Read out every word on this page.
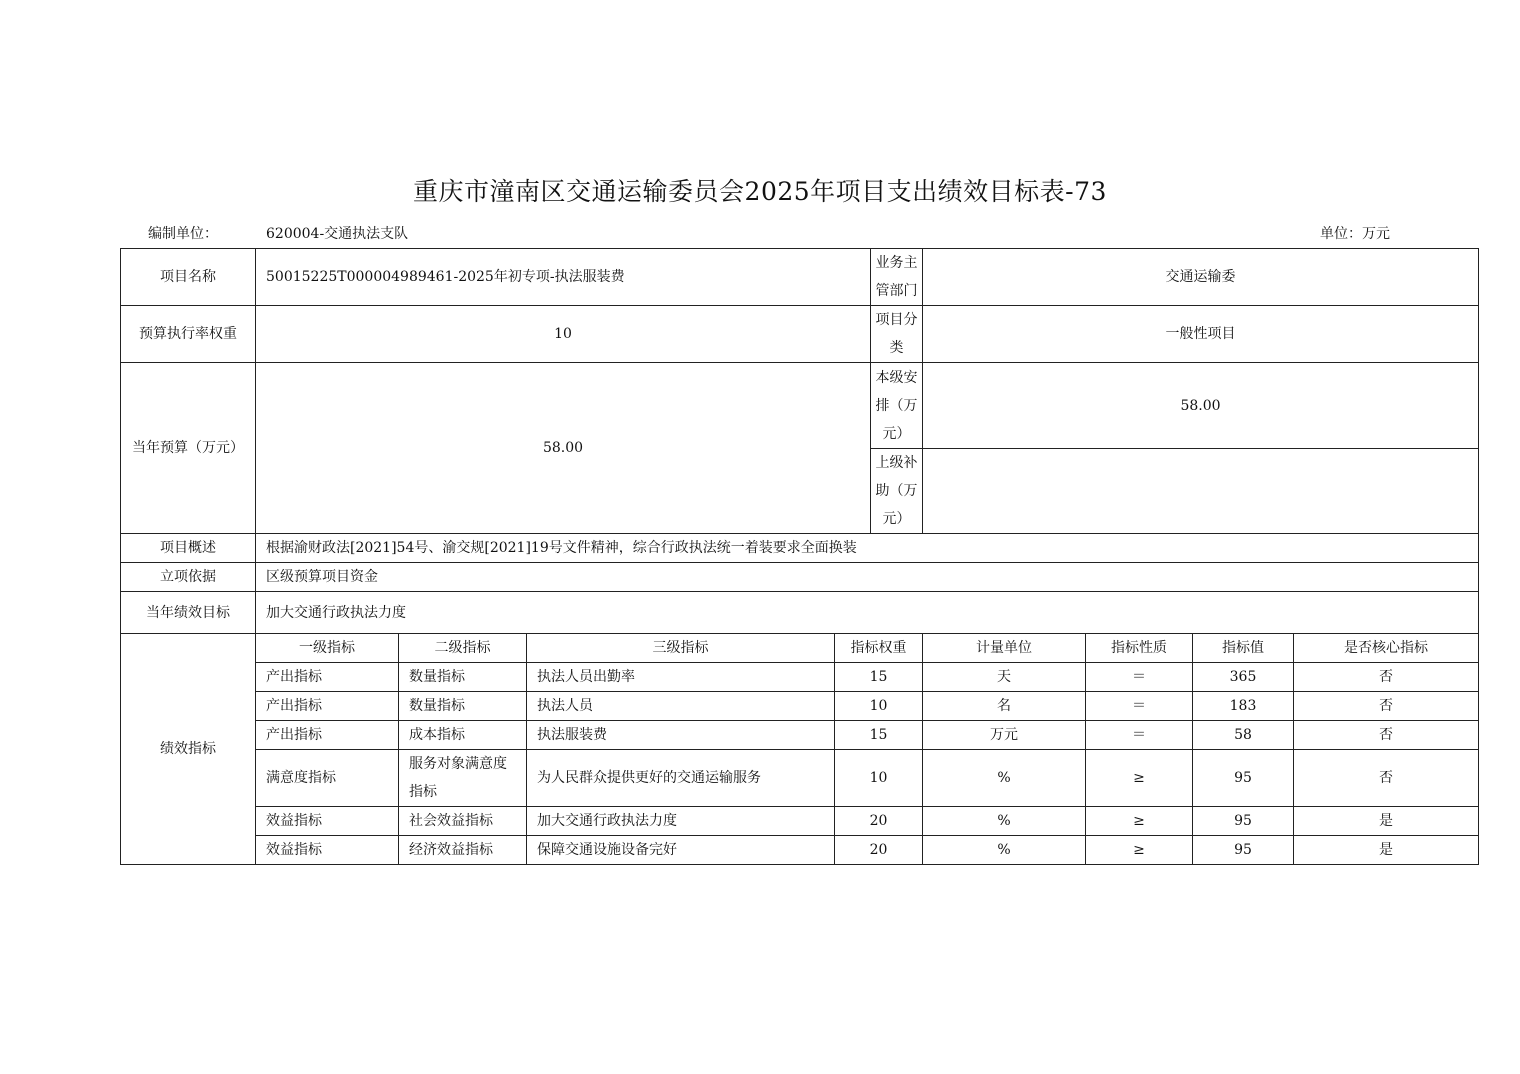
重庆市潼南区交通运输委员会2025年项目支出绩效目标表-73
编制单位：	620004-交通执法支队	单位：万元
项目名称	50015225T000004989461-2025年初专项-执法服装费				业务主管部门	交通运输委			
预算执行率权重	10				项目分类	一般性项目			
当年预算（万元）	58.00				本级安排（万元）	58.00			
					上级补助（万元）				
项目概述	根据渝财政法[2021]54号、渝交规[2021]19号文件精神，综合行政执法统一着装要求全面换装								
立项依据	区级预算项目资金								
当年绩效目标	加大交通行政执法力度								
绩效指标	一级指标	二级指标	三级指标	指标权重		计量单位	指标性质	指标值	是否核心指标
	产出指标	数量指标	执法人员出勤率	15		天	＝	365	否
	产出指标	数量指标	执法人员	10		名	＝	183	否
	产出指标	成本指标	执法服装费	15		万元	＝	58	否
	满意度指标	服务对象满意度指标	为人民群众提供更好的交通运输服务	10		%	≥	95	否
	效益指标	社会效益指标	加大交通行政执法力度	20		%	≥	95	是
	效益指标	经济效益指标	保障交通设施设备完好	20		%	≥	95	是
